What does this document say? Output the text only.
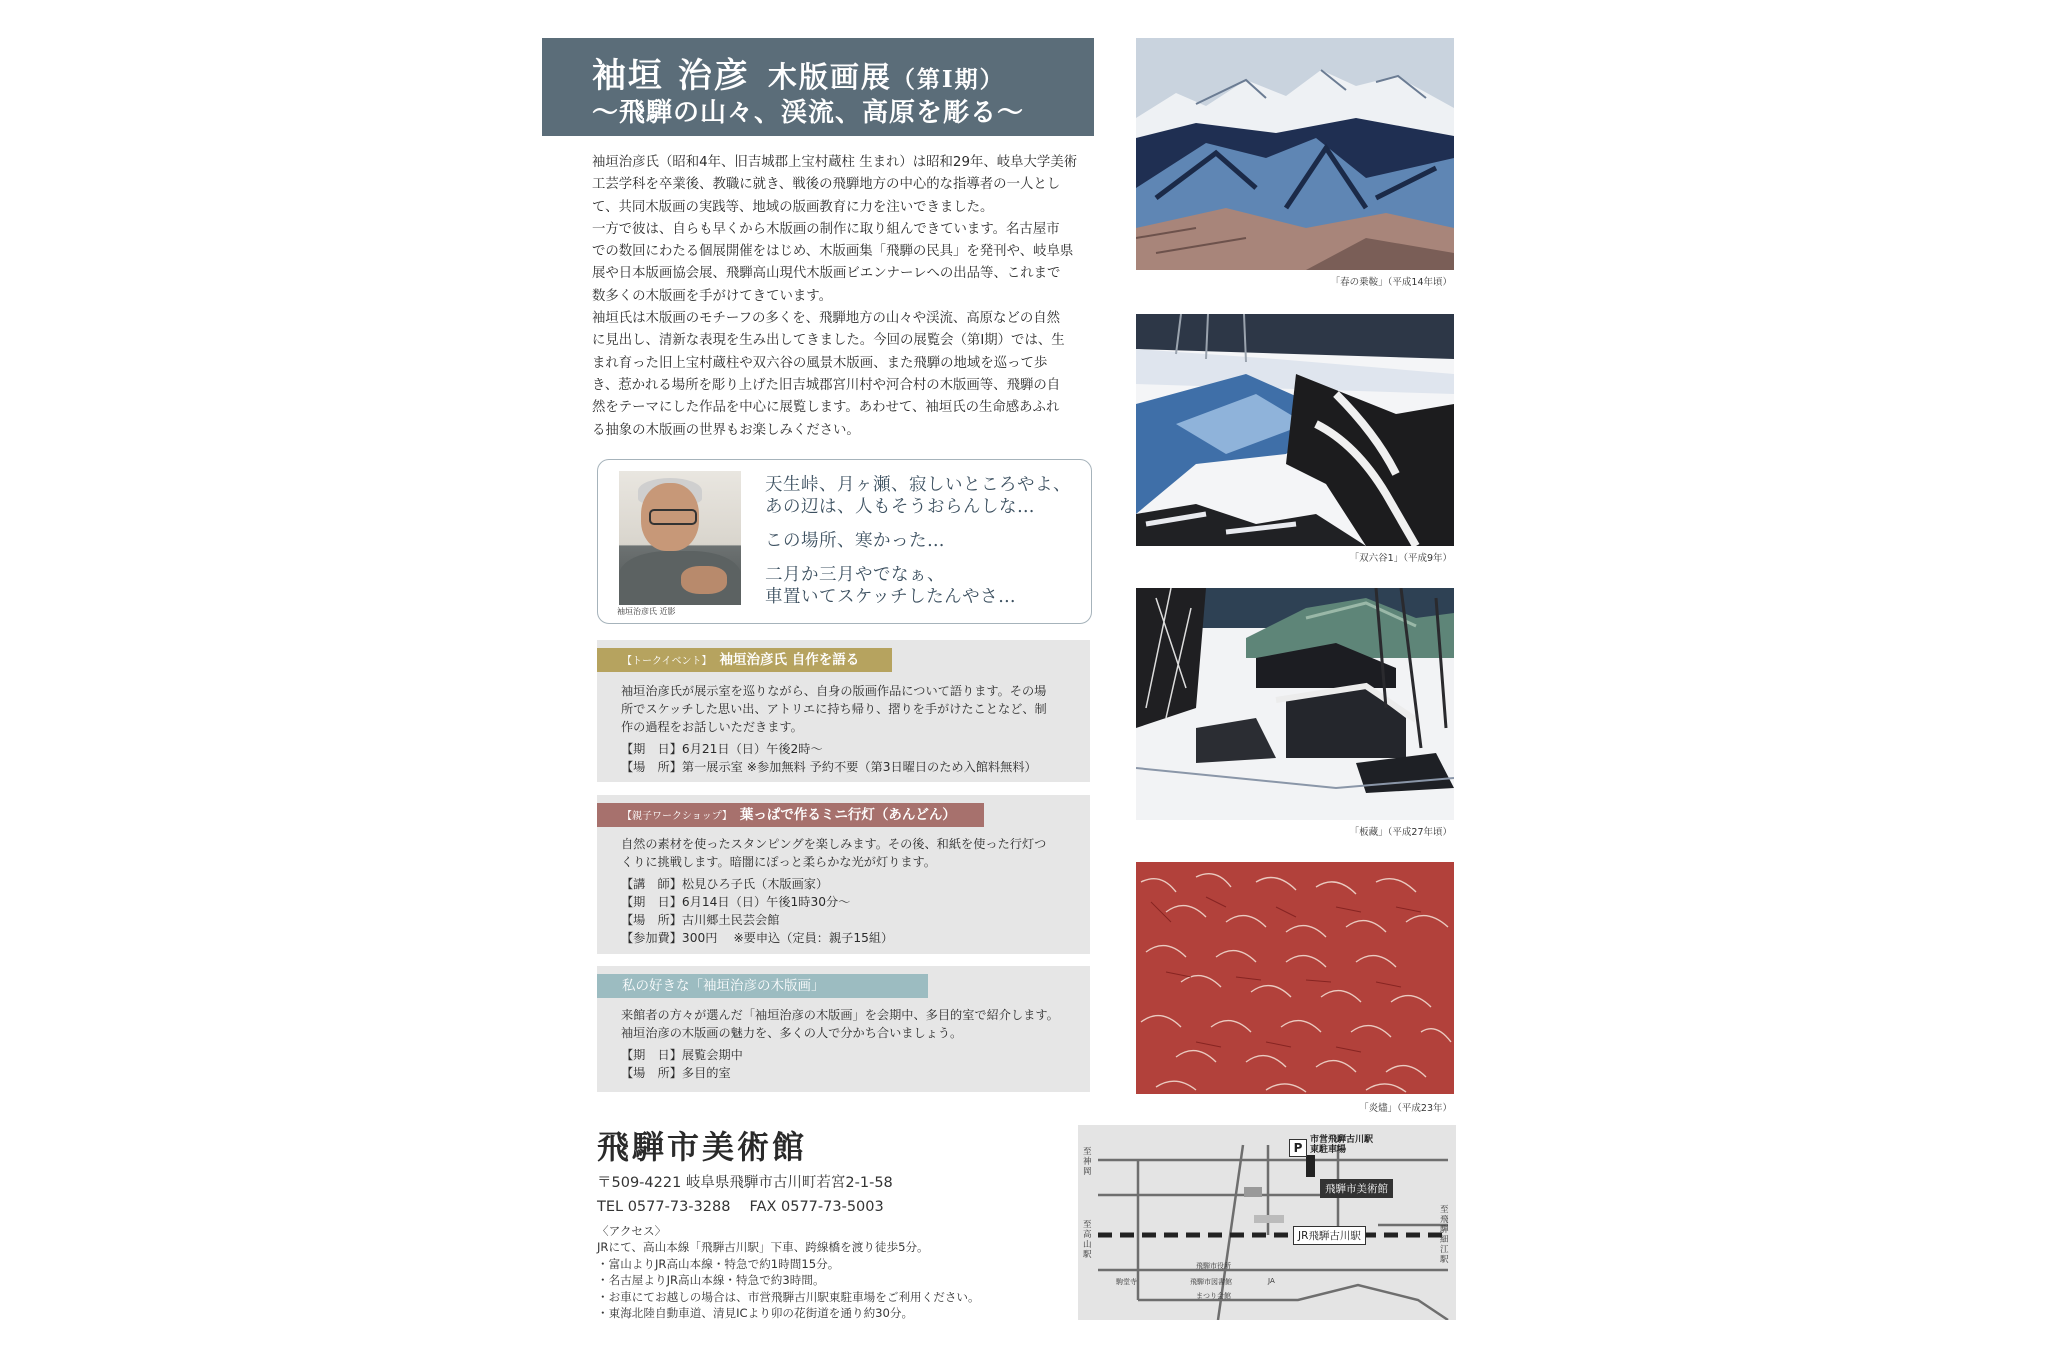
袖垣 治彦 木版画展（第Ⅰ期）
〜飛騨の山々、渓流、高原を彫る〜

袖垣治彦氏（昭和4年、旧吉城郡上宝村蔵柱 生まれ）は昭和29年、岐阜大学美術

工芸学科を卒業後、教職に就き、戦後の飛騨地方の中心的な指導者の一人とし

て、共同木版画の実践等、地域の版画教育に力を注いできました。

一方で彼は、自らも早くから木版画の制作に取り組んできています。名古屋市

での数回にわたる個展開催をはじめ、木版画集「飛騨の民具」を発刊や、岐阜県

展や日本版画協会展、飛騨高山現代木版画ビエンナーレへの出品等、これまで

数多くの木版画を手がけてきています。

袖垣氏は木版画のモチーフの多くを、飛騨地方の山々や渓流、高原などの自然

に見出し、清新な表現を生み出してきました。今回の展覧会（第Ⅰ期）では、生

まれ育った旧上宝村蔵柱や双六谷の風景木版画、また飛騨の地域を巡って歩

き、惹かれる場所を彫り上げた旧吉城郡宮川村や河合村の木版画等、飛騨の自

然をテーマにした作品を中心に展覧します。あわせて、袖垣氏の生命感あふれ

る抽象の木版画の世界もお楽しみください。

袖垣治彦氏 近影
天生峠、月ヶ瀬、寂しいところやよ、
あの辺は、人もそうおらんしな…
この場所、寒かった…
二月か三月やでなぁ、
車置いてスケッチしたんやさ…
【トークイベント】 袖垣治彦氏 自作を語る

袖垣治彦氏が展示室を巡りながら、自身の版画作品について語ります。その場

所でスケッチした思い出、アトリエに持ち帰り、摺りを手がけたことなど、制

作の過程をお話しいただきます。

【期　日】6月21日（日）午後2時〜

【場　所】第一展示室 ※参加無料 予約不要（第3日曜日のため入館料無料）

【親子ワークショップ】 葉っぱで作るミニ行灯（あんどん）

自然の素材を使ったスタンピングを楽しみます。その後、和紙を使った行灯つ

くりに挑戦します。暗闇にぽっと柔らかな光が灯ります。

【講　師】松見ひろ子氏（木版画家）

【期　日】6月14日（日）午後1時30分〜

【場　所】古川郷土民芸会館

【参加費】300円　 ※要申込（定員：親子15組）

私の好きな「袖垣治彦の木版画」

来館者の方々が選んだ「袖垣治彦の木版画」を会期中、多目的室で紹介します。

袖垣治彦の木版画の魅力を、多くの人で分かち合いましょう。

【期　日】展覧会期中

【場　所】多目的室

飛騨市美術館
〒509-4221 岐阜県飛騨市古川町若宮2-1-58
TEL 0577-73-3288　 FAX 0577-73-5003

〈アクセス〉

JRにて、高山本線「飛騨古川駅」下車、跨線橋を渡り徒歩5分。

・富山よりJR高山本線・特急で約1時間15分。

・名古屋よりJR高山本線・特急で約3時間。

・お車にてお越しの場合は、市営飛騨古川駅東駐車場をご利用ください。

・東海北陸自動車道、清見ICより卯の花街道を通り約30分。

「春の乗鞍」（平成14年頃）
「双六谷1」（平成9年）
「板藏」（平成27年頃）
「炎燼」（平成23年）
P
市営飛騨古川駅
東駐車場
飛騨市美術館
JR飛騨古川駅
至神岡
至高山駅
至飛騨細江駅
飛騨市役所
飛騨市図書館
まつり会館
駒堂寺	JA
